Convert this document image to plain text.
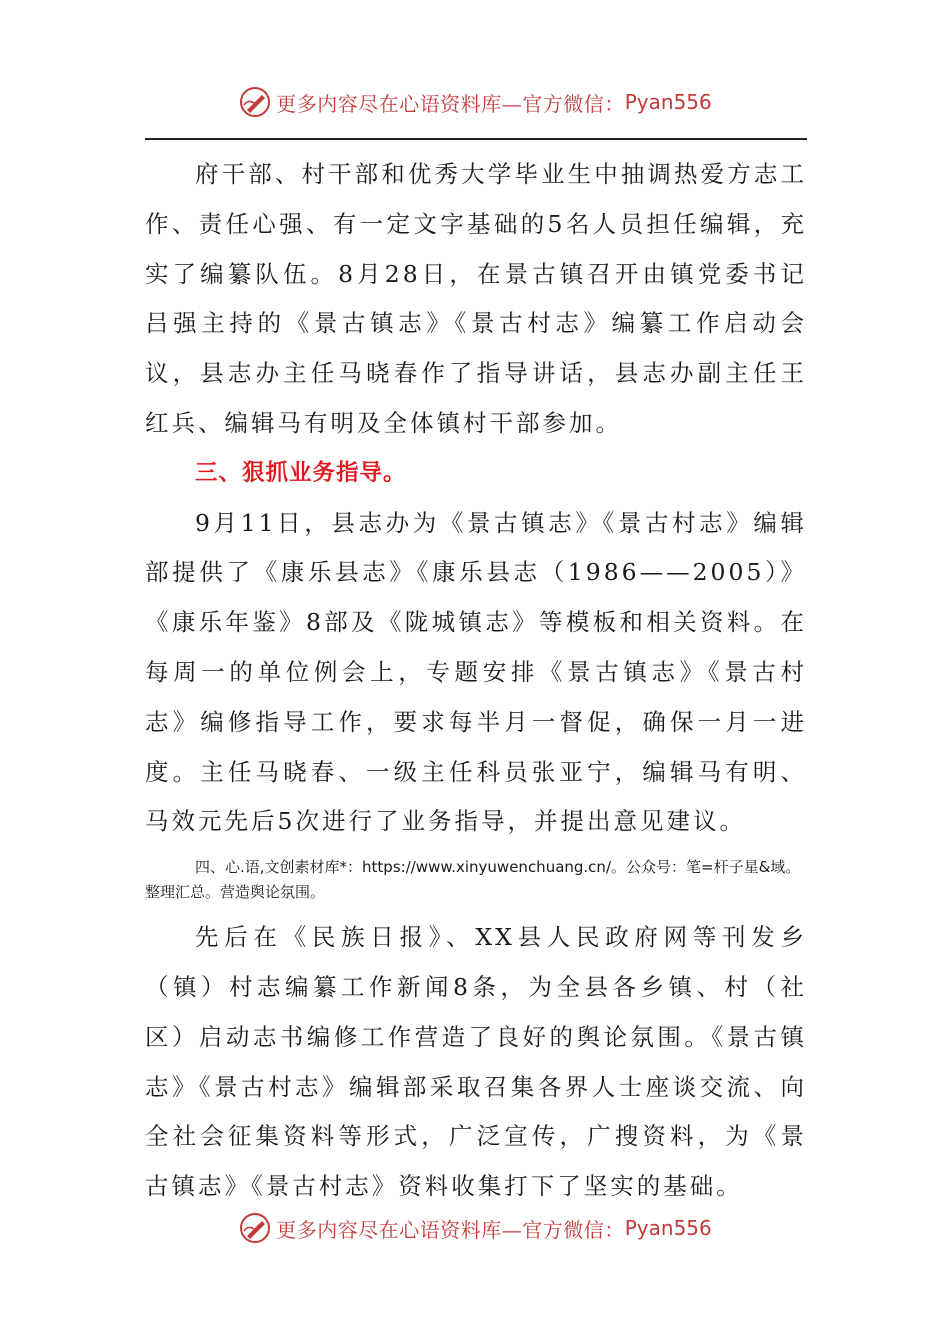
更多内容尽在心语资料库—官方微信： Pyan556

府干部、村干部和优秀大学毕业生中抽调热爱方志工作、责任心强、有一定文字基础的5名人员担任编辑，充实了编纂队伍。8月28日，在景古镇召开由镇党委书记吕强主持的《景古镇志》《景古村志》编纂工作启动会议，县志办主任马晓春作了指导讲话，县志办副主任王红兵、编辑马有明及全体镇村干部参加。

三、狠抓业务指导。

9月11日，县志办为《景古镇志》《景古村志》编辑部提供了《康乐县志》《康乐县志（1986——2005）》《康乐年鉴》8部及《陇城镇志》等模板和相关资料。在每周一的单位例会上，专题安排《景古镇志》《景古村志》编修指导工作，要求每半月一督促，确保一月一进度。主任马晓春、一级主任科员张亚宁，编辑马有明、马效元先后5次进行了业务指导，并提出意见建议。

四、心.语,文创素材库*：https://www.xinyuwenchuang.cn/。公众号：笔=杆子星&域。整理汇总。营造舆论氛围。

先后在《民族日报》、XX县人民政府网等刊发乡（镇）村志编纂工作新闻8条，为全县各乡镇、村（社区）启动志书编修工作营造了良好的舆论氛围。《景古镇志》《景古村志》编辑部采取召集各界人士座谈交流、向全社会征集资料等形式，广泛宣传，广搜资料，为《景古镇志》《景古村志》资料收集打下了坚实的基础。

更多内容尽在心语资料库—官方微信： Pyan556
